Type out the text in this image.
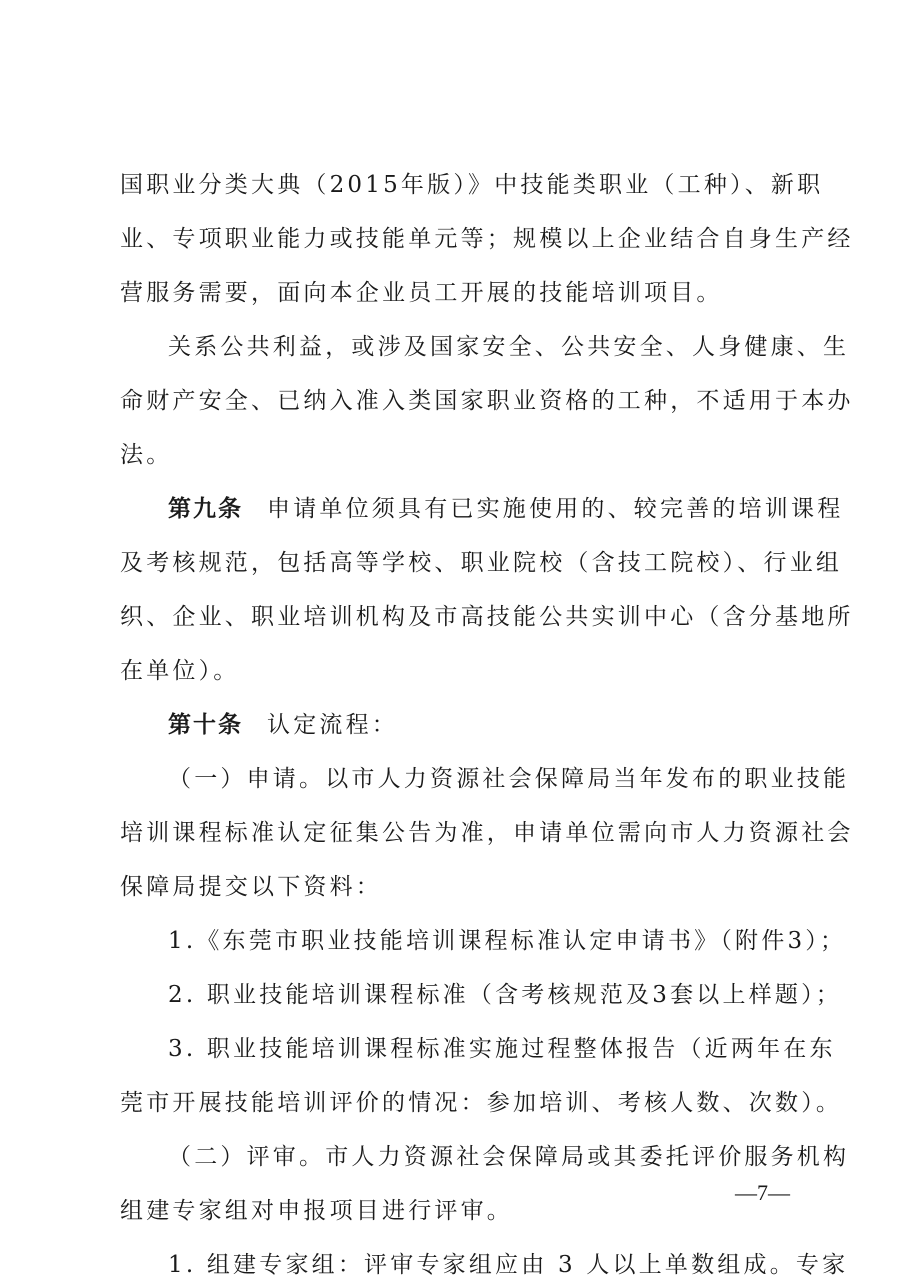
国职业分类大典（2015年版）》中技能类职业（工种）、新职
业、专项职业能力或技能单元等；规模以上企业结合自身生产经
营服务需要，面向本企业员工开展的技能培训项目。
关系公共利益，或涉及国家安全、公共安全、人身健康、生
命财产安全、已纳入准入类国家职业资格的工种，不适用于本办
法。
第九条 申请单位须具有已实施使用的、较完善的培训课程
及考核规范，包括高等学校、职业院校（含技工院校）、行业组
织、企业、职业培训机构及市高技能公共实训中心（含分基地所
在单位）。
第十条 认定流程：
（一）申请。以市人力资源社会保障局当年发布的职业技能
培训课程标准认定征集公告为准，申请单位需向市人力资源社会
保障局提交以下资料：
1.《东莞市职业技能培训课程标准认定申请书》（附件3）；
2. 职业技能培训课程标准（含考核规范及3套以上样题）；
3. 职业技能培训课程标准实施过程整体报告（近两年在东
莞市开展技能培训评价的情况：参加培训、考核人数、次数）。
（二）评审。市人力资源社会保障局或其委托评价服务机构
组建专家组对申报项目进行评审。
1. 组建专家组：评审专家组应由 3 人以上单数组成。专家
—7—
